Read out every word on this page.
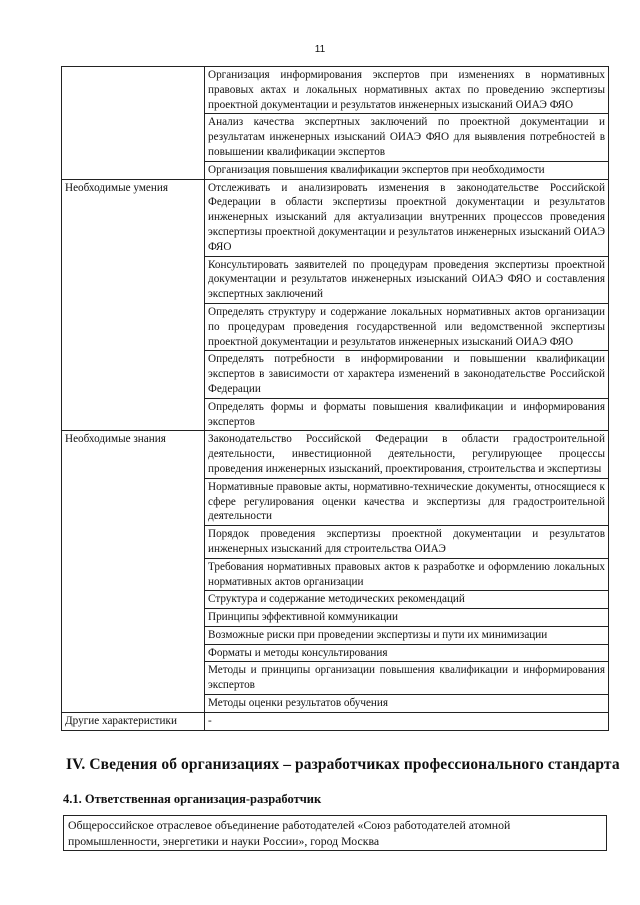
11
	Организация информирования экспертов при изменениях в нормативных правовых актах и локальных нормативных актах по проведению экспертизы проектной документации и результатов инженерных изысканий ОИАЭ ФЯО
	Анализ качества экспертных заключений по проектной документации и результатам инженерных изысканий ОИАЭ ФЯО для выявления потребностей в повышении квалификации экспертов
	Организация повышения квалификации экспертов при необходимости
Необходимые умения	Отслеживать и анализировать изменения в законодательстве Российской Федерации в области экспертизы проектной документации и результатов инженерных изысканий для актуализации внутренних процессов проведения экспертизы проектной документации и результатов инженерных изысканий ОИАЭ ФЯО
	Консультировать заявителей по процедурам проведения экспертизы проектной документации и результатов инженерных изысканий ОИАЭ ФЯО и составления экспертных заключений
	Определять структуру и содержание локальных нормативных актов организации по процедурам проведения государственной или ведомственной экспертизы проектной документации и результатов инженерных изысканий ОИАЭ ФЯО
	Определять потребности в информировании и повышении квалификации экспертов в зависимости от характера изменений в законодательстве Российской Федерации
	Определять формы и форматы повышения квалификации и информирования экспертов
Необходимые знания	Законодательство Российской Федерации в области градостроительной деятельности, инвестиционной деятельности, регулирующее процессы проведения инженерных изысканий, проектирования, строительства и экспертизы
	Нормативные правовые акты, нормативно-технические документы, относящиеся к сфере регулирования оценки качества и экспертизы для градостроительной деятельности
	Порядок проведения экспертизы проектной документации и результатов инженерных изысканий для строительства ОИАЭ
	Требования нормативных правовых актов к разработке и оформлению локальных нормативных актов организации
	Структура и содержание методических рекомендаций
	Принципы эффективной коммуникации
	Возможные риски при проведении экспертизы и пути их минимизации
	Форматы и методы консультирования
	Методы и принципы организации повышения квалификации и информирования экспертов
	Методы оценки результатов обучения
Другие характеристики	-
IV. Сведения об организациях – разработчиках профессионального стандарта
4.1. Ответственная организация-разработчик
Общероссийское отраслевое объединение работодателей «Союз работодателей атомной промышленности, энергетики и науки России», город Москва
